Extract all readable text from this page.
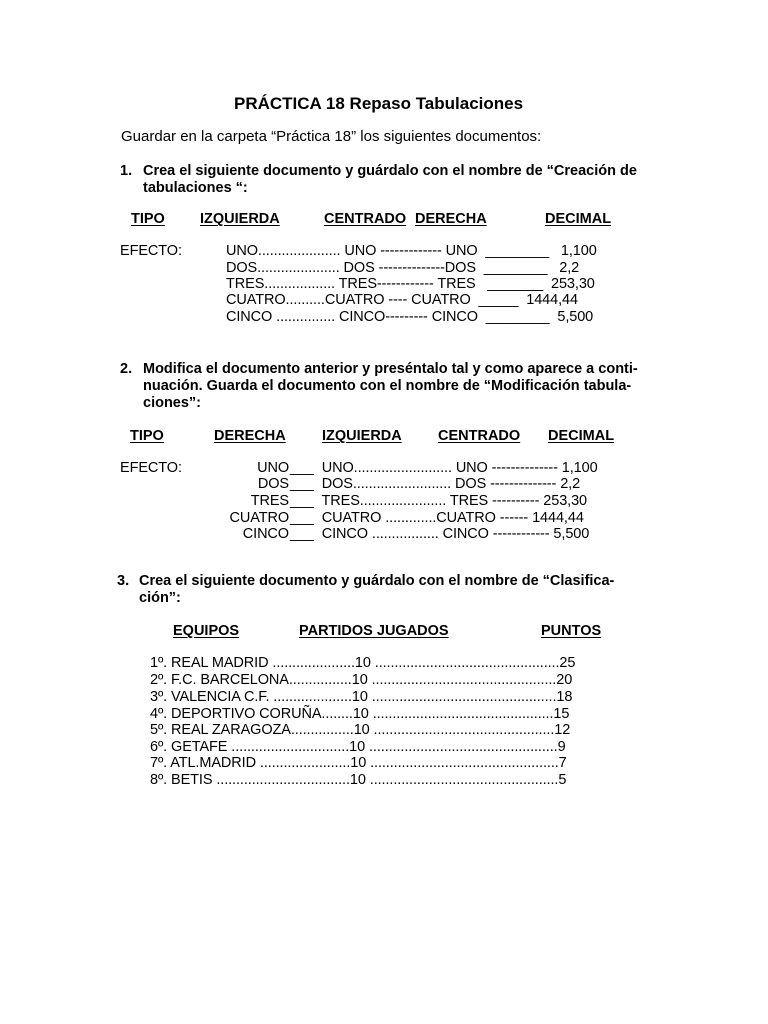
PRÁCTICA 18 Repaso Tabulaciones
Guardar en la carpeta “Práctica 18” los siguientes documentos:
1. Crea el siguiente documento y guárdalo con el nombre de “Creación de
tabulaciones “:
TIPO IZQUIERDA	CENTRADO DERECHA	DECIMAL
EFECTO:	UNO..................... UNO ------------- UNO  ________   1,100
DOS..................... DOS --------------DOS  ________   2,2
TRES.................. TRES------------ TRES   _______  253,30
CUATRO..........CUATRO ---- CUATRO  _____  1444,44
CINCO ............... CINCO--------- CINCO  ________  5,500
2. Modifica el documento anterior y preséntalo tal y como aparece a conti-
nuación. Guarda el documento con el nombre de “Modificación tabula-
ciones”:
TIPO	DERECHA	IZQUIERDA	CENTRADO DECIMAL
EFECTO:	UNO ___  UNO......................... UNO -------------- 1,100
DOS ___  DOS......................... DOS -------------- 2,2
TRES ___  TRES...................... TRES ---------- 253,30
CUATRO ___  CUATRO .............CUATRO ------ 1444,44
CINCO ___  CINCO ................. CINCO ------------ 5,500
3. Crea el siguiente documento y guárdalo con el nombre de “Clasifica-
ción”:
EQUIPOS	PARTIDOS JUGADOS	PUNTOS
1º. REAL MADRID .....................10 ...............................................25
2º. F.C. BARCELONA................10 ...............................................20
3º. VALENCIA C.F. ....................10 ...............................................18
4º. DEPORTIVO CORUÑA........10 ..............................................15
5º. REAL ZARAGOZA................10 ..............................................12
6º. GETAFE ..............................10 ................................................9
7º. ATL.MADRID .......................10 ................................................7
8º. BETIS ..................................10 ................................................5
